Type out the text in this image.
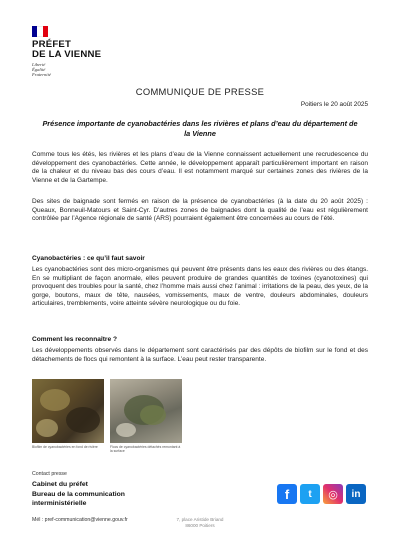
PRÉFET
DE LA VIENNE
Liberté
Égalité
Fraternité
COMMUNIQUE DE PRESSE
Poitiers le 20 août 2025
Présence importante de cyanobactéries dans les rivières et plans d’eau du département de la Vienne

Comme tous les étés, les rivières et les plans d’eau de la Vienne connaissent actuellement une recrudescence du développement des cyanobactéries. Cette année, le développement apparaît particulièrement important en raison de la chaleur et du niveau bas des cours d’eau. Il est notamment marqué sur certaines zones des rivières de la Vienne et de la Gartempe.

Des sites de baignade sont fermés en raison de la présence de cyanobactéries (à la date du 20 août 2025) : Queaux, Bonneuil-Matours et Saint-Cyr. D’autres zones de baignades dont la qualité de l’eau est régulièrement contrôlée par l’Agence régionale de santé (ARS) pourraient également être concernées au cours de l’été.

Cyanobactéries : ce qu’il faut savoir

Les cyanobactéries sont des micro-organismes qui peuvent être présents dans les eaux des rivières ou des étangs. En se multipliant de façon anormale, elles peuvent produire de grandes quantités de toxines (cyanotoxines) qui provoquent des troubles pour la santé, chez l’homme mais aussi chez l’animal : irritations de la peau, des yeux, de la gorge, boutons, maux de tête, nausées, vomissements, maux de ventre, douleurs abdominales, douleurs articulaires, tremblements, voire atteinte sévère neurologique ou du foie.

Comment les reconnaître ?

Les développements observés dans le département sont caractérisés par des dépôts de biofilm sur le fond et des détachements de flocs qui remontent à la surface. L’eau peut rester transparente.

Biofilm de cyanobactéries en fond de rivière	Flocs de cyanobactéries détachés remontant à la surface
Contact presse
Cabinet du préfet
Bureau de la communication
interministérielle
Mél : pref-communication@vienne.gouv.fr	7, place Aristide Briand
86000 Poitiers
f	t	◎	in
